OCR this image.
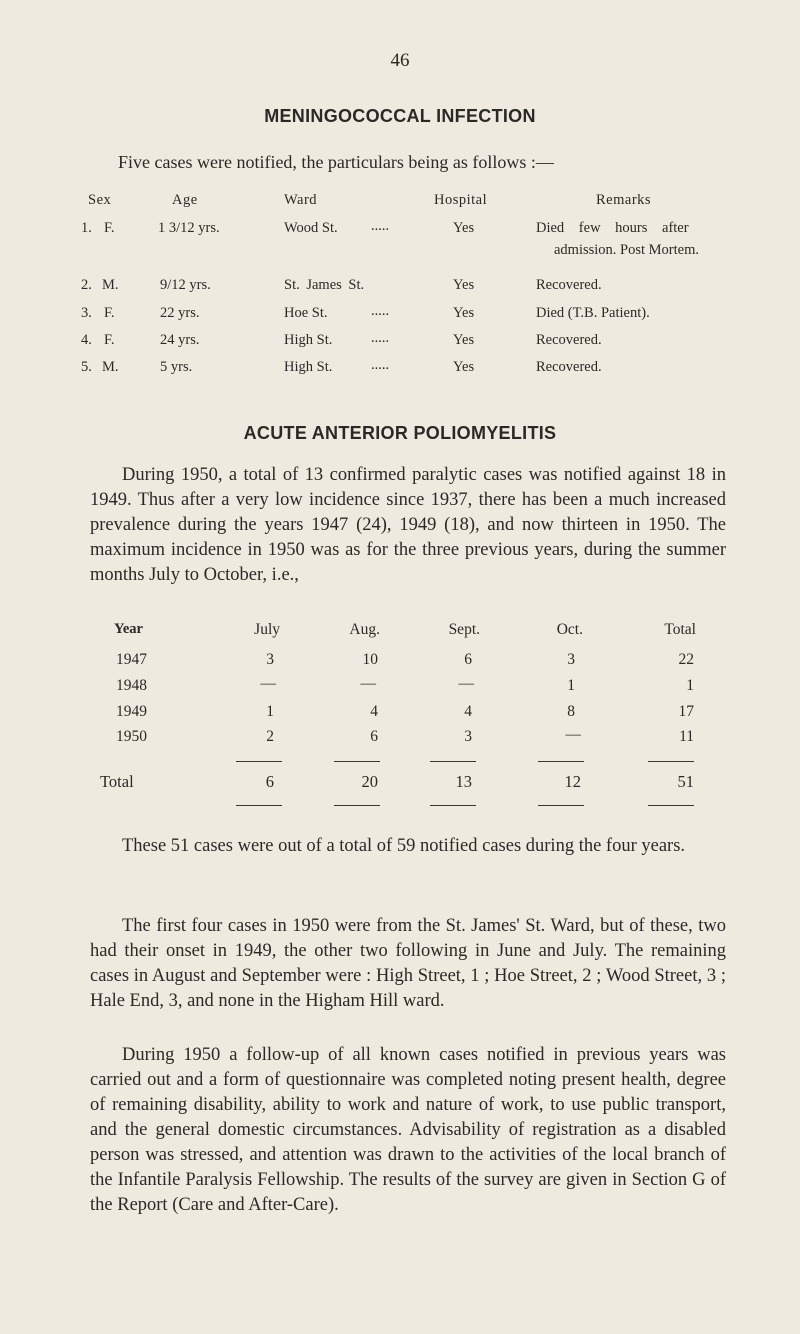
46
MENINGOCOCCAL INFECTION
Five cases were notified, the particulars being as follows :—
Sex	Age	Ward	Hospital	Remarks
1. F.	1 3/12 yrs.	Wood St. .....	Yes	Died few hours after
admission. Post Mortem.
2. M.	9/12 yrs.	St. James St.	Yes	Recovered.
3. F.	22 yrs.	Hoe St.	.....	Yes	Died (T.B. Patient).
4. F.	24 yrs.	High St.	.....	Yes	Recovered.
5. M.	5 yrs.	High St.	.....	Yes	Recovered.
ACUTE ANTERIOR POLIOMYELITIS
During 1950, a total of 13 confirmed paralytic cases was notified against 18 in 1949. Thus after a very low incidence since 1937, there has been a much increased prevalence during the years 1947 (24), 1949 (18), and now thirteen in 1950. The maximum incidence in 1950 was as for the three previous years, during the summer months July to October, i.e.,
Year	July	Aug.	Sept.	Oct.	Total
1947	3	10	6	3	22
1948	—	—	—	1	1
1949	1	4	4	8	17
1950	2	6	3	—	11
Total	6	20	13	12	51
These 51 cases were out of a total of 59 notified cases during the four years.
The first four cases in 1950 were from the St. James' St. Ward, but of these, two had their onset in 1949, the other two following in June and July. The remaining cases in August and September were : High Street, 1 ; Hoe Street, 2 ; Wood Street, 3 ; Hale End, 3, and none in the Higham Hill ward.
During 1950 a follow-up of all known cases notified in previous years was carried out and a form of questionnaire was completed noting present health, degree of remaining disability, ability to work and nature of work, to use public transport, and the general domestic circumstances. Advisability of registration as a disabled person was stressed, and attention was drawn to the activities of the local branch of the Infantile Paralysis Fellowship. The results of the survey are given in Section G of the Report (Care and After-Care).
